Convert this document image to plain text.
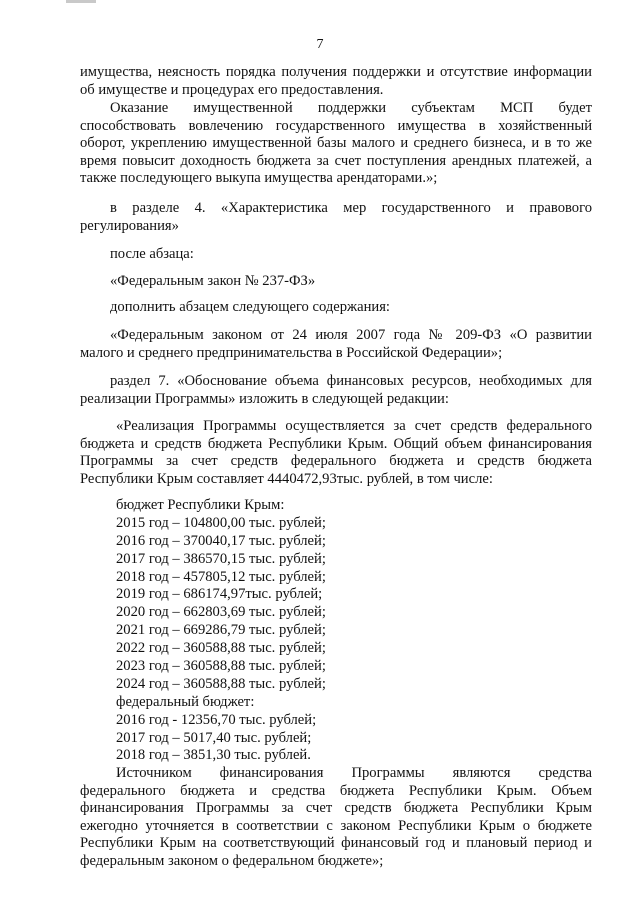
7
имущества, неясность порядка получения поддержки и отсутствие информации
об имуществе и процедурах его предоставления.
Оказание имущественной поддержки субъектам МСП будет
способствовать вовлечению государственного имущества в хозяйственный
оборот, укреплению имущественной базы малого и среднего бизнеса, и в то же
время повысит доходность бюджета за счет поступления арендных платежей, а
также последующего выкупа имущества арендаторами.»;
в разделе 4. «Характеристика мер государственного и правового
регулирования»
после абзаца:
«Федеральным закон № 237-ФЗ»
дополнить абзацем следующего содержания:
«Федеральным законом от 24 июля 2007 года № 209-ФЗ «О развитии
малого и среднего предпринимательства в Российской Федерации»;
раздел 7. «Обоснование объема финансовых ресурсов, необходимых для
реализации Программы» изложить в следующей редакции:
«Реализация Программы осуществляется за счет средств федерального
бюджета и средств бюджета Республики Крым. Общий объем финансирования
Программы за счет средств федерального бюджета и средств бюджета
Республики Крым составляет 4440472,93тыс. рублей, в том числе:
бюджет Республики Крым:
2015 год – 104800,00 тыс. рублей;
2016 год – 370040,17 тыс. рублей;
2017 год – 386570,15 тыс. рублей;
2018 год – 457805,12 тыс. рублей;
2019 год – 686174,97тыс. рублей;
2020 год – 662803,69 тыс. рублей;
2021 год – 669286,79 тыс. рублей;
2022 год – 360588,88 тыс. рублей;
2023 год – 360588,88 тыс. рублей;
2024 год – 360588,88 тыс. рублей;
федеральный бюджет:
2016 год - 12356,70 тыс. рублей;
2017 год – 5017,40 тыс. рублей;
2018 год – 3851,30 тыс. рублей.
Источником финансирования Программы являются средства
федерального бюджета и средства бюджета Республики Крым. Объем
финансирования Программы за счет средств бюджета Республики Крым
ежегодно уточняется в соответствии с законом Республики Крым о бюджете
Республики Крым на соответствующий финансовый год и плановый период и
федеральным законом о федеральном бюджете»;
